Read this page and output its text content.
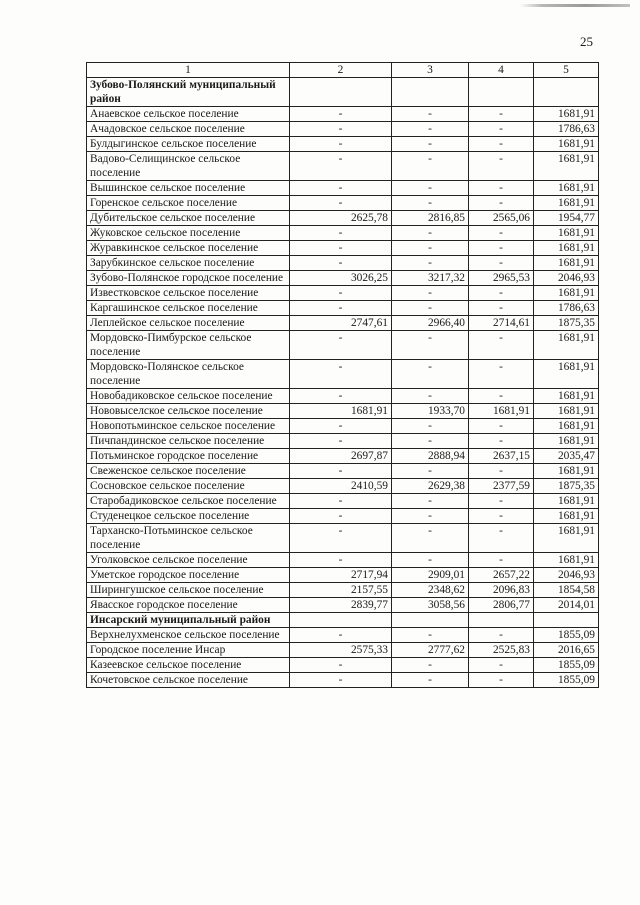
25
1	2	3	4	5
Зубово-Полянский муниципальный район				
Анаевское сельское поселение	-	-	-	1681,91
Ачадовское сельское поселение	-	-	-	1786,63
Булдыгинское сельское поселение	-	-	-	1681,91
Вадово-Селищинское сельское поселение	-	-	-	1681,91
Вышинское сельское поселение	-	-	-	1681,91
Горенское сельское поселение	-	-	-	1681,91
Дубительское сельское поселение	2625,78	2816,85	2565,06	1954,77
Жуковское сельское поселение	-	-	-	1681,91
Журавкинское сельское поселение	-	-	-	1681,91
Зарубкинское сельское поселение	-	-	-	1681,91
Зубово-Полянское городское поселение	3026,25	3217,32	2965,53	2046,93
Известковское сельское поселение	-	-	-	1681,91
Каргашинское сельское поселение	-	-	-	1786,63
Леплейское сельское поселение	2747,61	2966,40	2714,61	1875,35
Мордовско-Пимбурское сельское поселение	-	-	-	1681,91
Мордовско-Полянское сельское поселение	-	-	-	1681,91
Новобадиковское сельское поселение	-	-	-	1681,91
Нововыселское сельское поселение	1681,91	1933,70	1681,91	1681,91
Новопотьминское сельское поселение	-	-	-	1681,91
Пичпандинское сельское поселение	-	-	-	1681,91
Потьминское городское поселение	2697,87	2888,94	2637,15	2035,47
Свеженское сельское поселение	-	-	-	1681,91
Сосновское сельское поселение	2410,59	2629,38	2377,59	1875,35
Старобадиковское сельское поселение	-	-	-	1681,91
Студенецкое сельское поселение	-	-	-	1681,91
Тарханско-Потьминское сельское поселение	-	-	-	1681,91
Уголковское сельское поселение	-	-	-	1681,91
Уметское городское поселение	2717,94	2909,01	2657,22	2046,93
Ширингушское сельское поселение	2157,55	2348,62	2096,83	1854,58
Явасское городское поселение	2839,77	3058,56	2806,77	2014,01
Инсарский муниципальный район				
Верхнелухменское сельское поселение	-	-	-	1855,09
Городское поселение Инсар	2575,33	2777,62	2525,83	2016,65
Казеевское сельское поселение	-	-	-	1855,09
Кочетовское сельское поселение	-	-	-	1855,09
